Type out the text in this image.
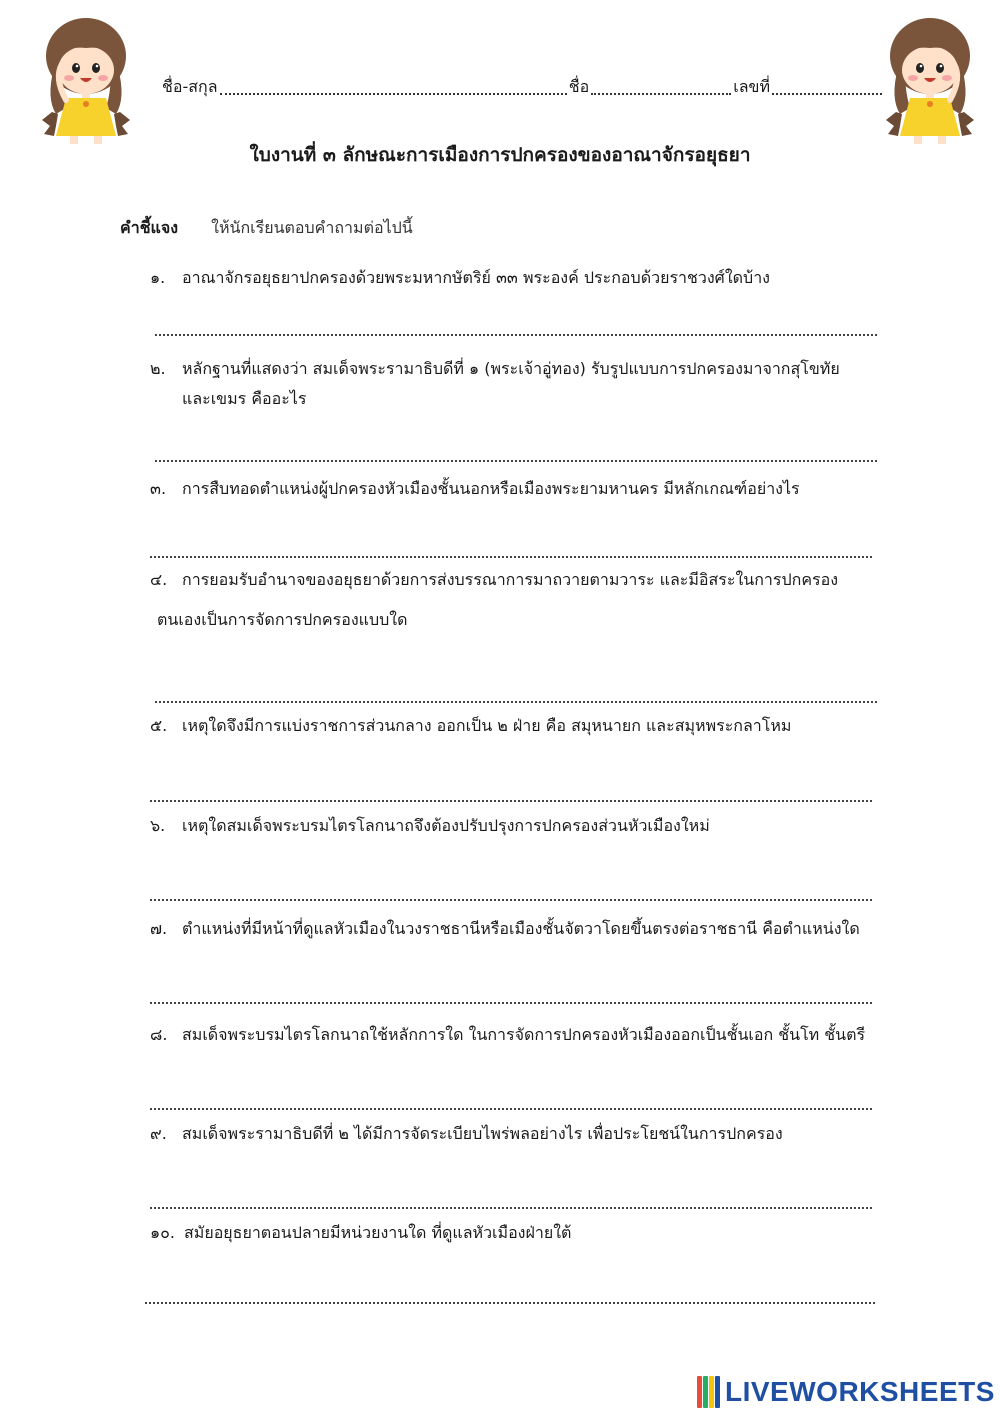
ชื่อ-สกุล	ชื่อ	เลขที่
ใบงานที่ ๓ ลักษณะการเมืองการปกครองของอาณาจักรอยุธยา
คำชี้แจง ให้นักเรียนตอบคำถามต่อไปนี้
๑. อาณาจักรอยุธยาปกครองด้วยพระมหากษัตริย์ ๓๓ พระองค์ ประกอบด้วยราชวงศ์ใดบ้าง
๒. หลักฐานที่แสดงว่า สมเด็จพระรามาธิบดีที่ ๑ (พระเจ้าอู่ทอง) รับรูปแบบการปกครองมาจากสุโขทัย
และเขมร คืออะไร
๓. การสืบทอดตำแหน่งผู้ปกครองหัวเมืองชั้นนอกหรือเมืองพระยามหานคร มีหลักเกณฑ์อย่างไร
๔. การยอมรับอำนาจของอยุธยาด้วยการส่งบรรณาการมาถวายตามวาระ และมีอิสระในการปกครอง
ตนเองเป็นการจัดการปกครองแบบใด
๕. เหตุใดจึงมีการแบ่งราชการส่วนกลาง ออกเป็น ๒ ฝ่าย คือ สมุหนายก และสมุหพระกลาโหม
๖. เหตุใดสมเด็จพระบรมไตรโลกนาถจึงต้องปรับปรุงการปกครองส่วนหัวเมืองใหม่
๗. ตำแหน่งที่มีหน้าที่ดูแลหัวเมืองในวงราชธานีหรือเมืองชั้นจัตวาโดยขึ้นตรงต่อราชธานี คือตำแหน่งใด
๘. สมเด็จพระบรมไตรโลกนาถใช้หลักการใด ในการจัดการปกครองหัวเมืองออกเป็นชั้นเอก ชั้นโท ชั้นตรี
๙. สมเด็จพระรามาธิบดีที่ ๒ ได้มีการจัดระเบียบไพร่พลอย่างไร เพื่อประโยชน์ในการปกครอง
๑๐. สมัยอยุธยาตอนปลายมีหน่วยงานใด ที่ดูแลหัวเมืองฝ่ายใต้
LIVEWORKSHEETS
